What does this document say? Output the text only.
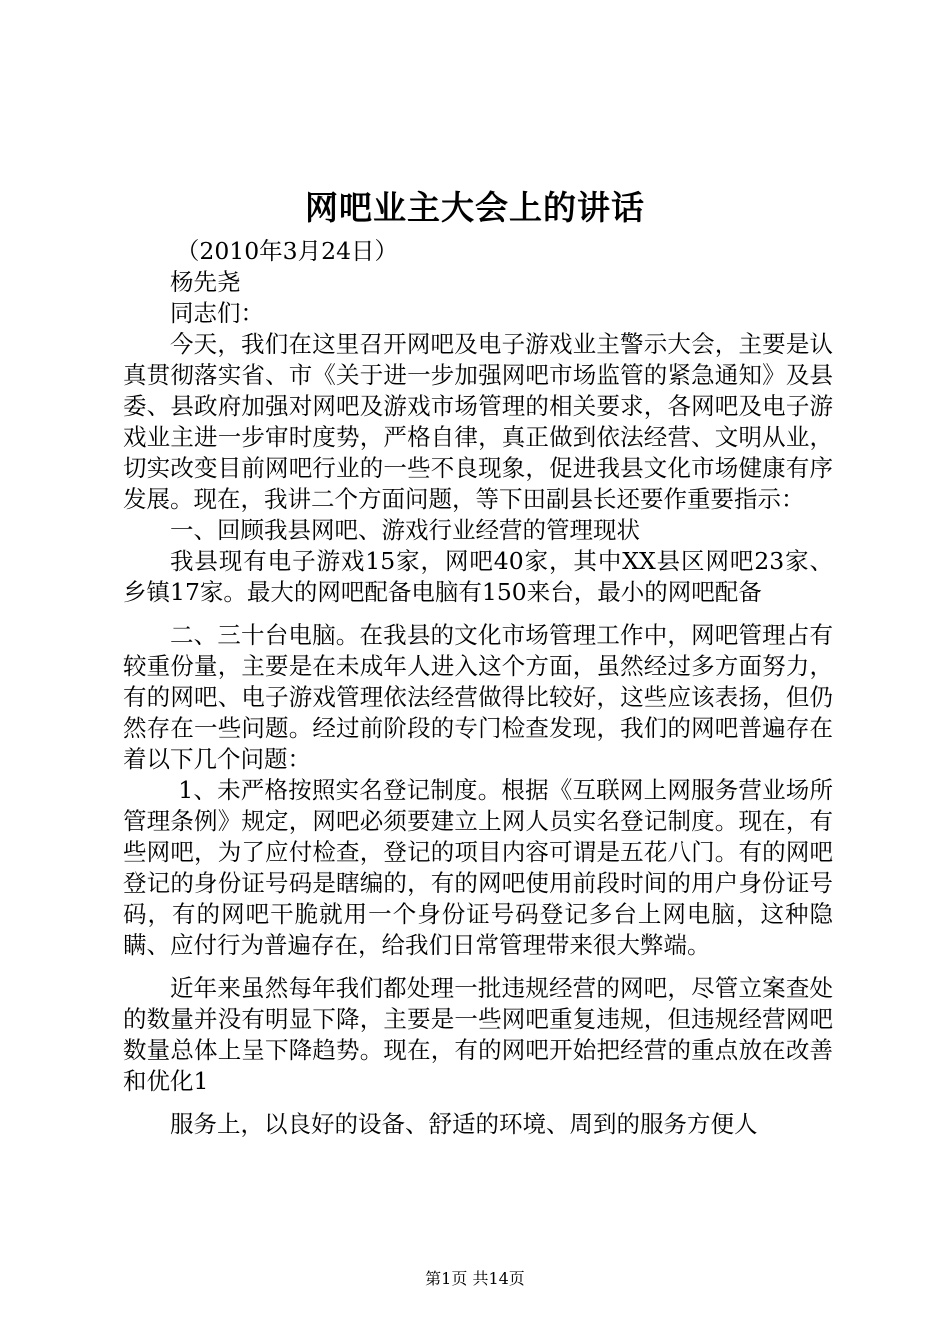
网吧业主大会上的讲话

（2010年3月24日）

杨先尧

同志们：

今天，我们在这里召开网吧及电子游戏业主警示大会，主要是认真贯彻落实省、市《关于进一步加强网吧市场监管的紧急通知》及县委、县政府加强对网吧及游戏市场管理的相关要求，各网吧及电子游戏业主进一步审时度势，严格自律，真正做到依法经营、文明从业，切实改变目前网吧行业的一些不良现象，促进我县文化市场健康有序发展。现在，我讲二个方面问题，等下田副县长还要作重要指示：

一、回顾我县网吧、游戏行业经营的管理现状

我县现有电子游戏15家，网吧40家，其中XX县区网吧23家、乡镇17家。最大的网吧配备电脑有150来台，最小的网吧配备

二、三十台电脑。在我县的文化市场管理工作中，网吧管理占有较重份量，主要是在未成年人进入这个方面，虽然经过多方面努力，有的网吧、电子游戏管理依法经营做得比较好，这些应该表扬，但仍然存在一些问题。经过前阶段的专门检查发现，我们的网吧普遍存在着以下几个问题：

1、未严格按照实名登记制度。根据《互联网上网服务营业场所管理条例》规定，网吧必须要建立上网人员实名登记制度。现在，有些网吧，为了应付检查，登记的项目内容可谓是五花八门。有的网吧登记的身份证号码是瞎编的，有的网吧使用前段时间的用户身份证号码，有的网吧干脆就用一个身份证号码登记多台上网电脑，这种隐瞒、应付行为普遍存在，给我们日常管理带来很大弊端。

近年来虽然每年我们都处理一批违规经营的网吧，尽管立案查处的数量并没有明显下降，主要是一些网吧重复违规，但违规经营网吧数量总体上呈下降趋势。现在，有的网吧开始把经营的重点放在改善和优化1

服务上，以良好的设备、舒适的环境、周到的服务方便人

第1页 共14页
